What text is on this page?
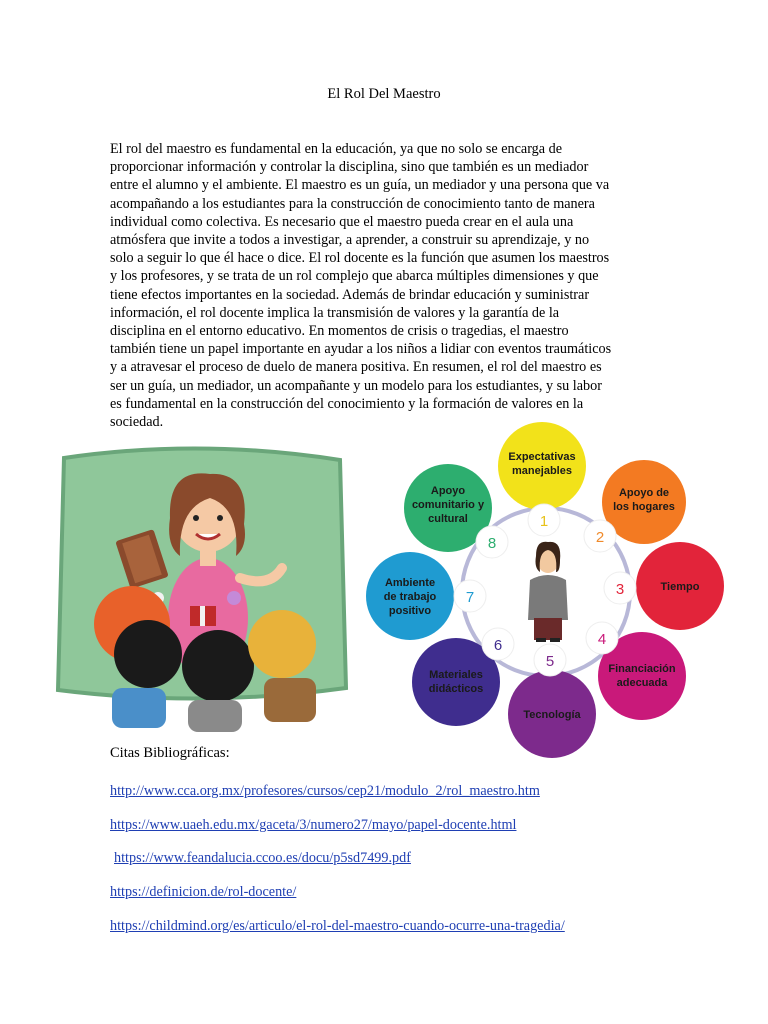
El Rol Del Maestro
El rol del maestro es fundamental en la educación, ya que no solo se encarga de
proporcionar información y controlar la disciplina, sino que también es un mediador
entre el alumno y el ambiente. El maestro es un guía, un mediador y una persona que va
acompañando a los estudiantes para la construcción de conocimiento tanto de manera
individual como colectiva. Es necesario que el maestro pueda crear en el aula una
atmósfera que invite a todos a investigar, a aprender, a construir su aprendizaje, y no
solo a seguir lo que él hace o dice. El rol docente es la función que asumen los maestros
y los profesores, y se trata de un rol complejo que abarca múltiples dimensiones y que
tiene efectos importantes en la sociedad. Además de brindar educación y suministrar
información, el rol docente implica la transmisión de valores y la garantía de la
disciplina en el entorno educativo. En momentos de crisis o tragedias, el maestro
también tiene un papel importante en ayudar a los niños a lidiar con eventos traumáticos
y a atravesar el proceso de duelo de manera positiva. En resumen, el rol del maestro es
ser un guía, un mediador, un acompañante y un modelo para los estudiantes, y su labor
es fundamental en la construcción del conocimiento y la formación de valores en la
sociedad.
Expectativas
manejables
1
Apoyo de
los hogares
2
Tiempo
3
Financiación
adecuada
4
Tecnología
5
Materiales
didácticos
6
Ambiente
de trabajo
positivo
7
Apoyo
comunitario y
cultural
8
Citas Bibliográficas:
http://www.cca.org.mx/profesores/cursos/cep21/modulo_2/rol_maestro.htm
https://www.uaeh.edu.mx/gaceta/3/numero27/mayo/papel-docente.html
https://www.feandalucia.ccoo.es/docu/p5sd7499.pdf
https://definicion.de/rol-docente/
https://childmind.org/es/articulo/el-rol-del-maestro-cuando-ocurre-una-tragedia/
